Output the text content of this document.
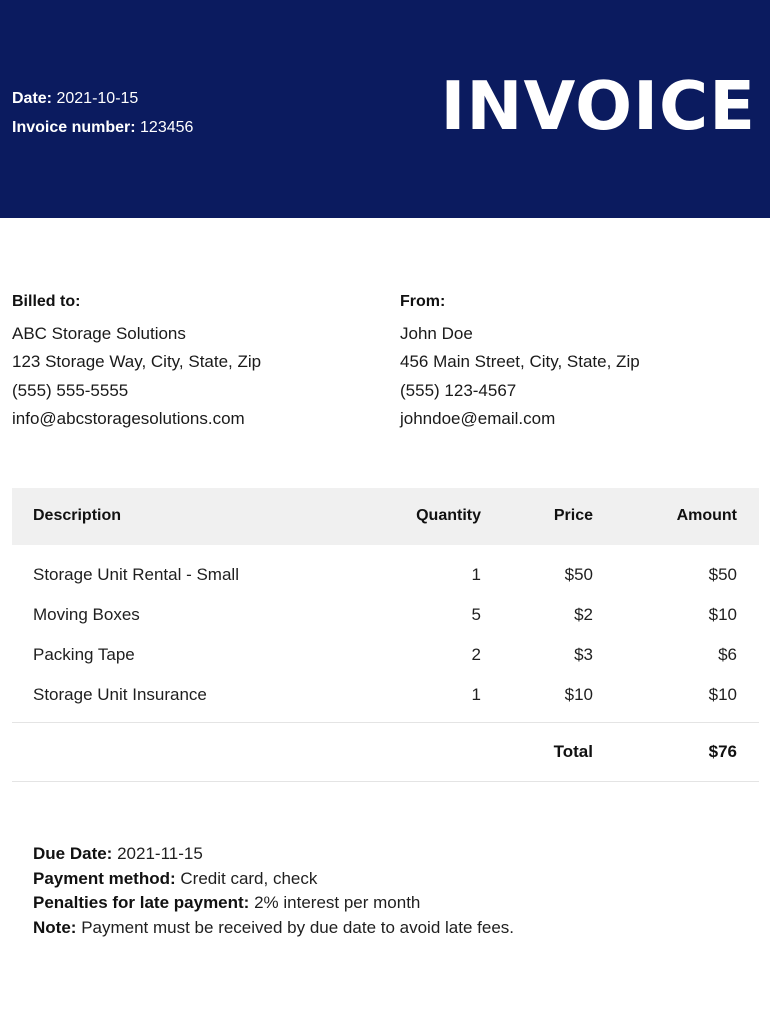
Date: 2021-10-15
Invoice number: 123456	INVOICE
Billed to:
ABC Storage Solutions
123 Storage Way, City, State, Zip
(555) 555-5555
info@abcstoragesolutions.com
From:
John Doe
456 Main Street, City, State, Zip
(555) 123-4567
johndoe@email.com
Description	Quantity	Price	Amount
Storage Unit Rental - Small	1	$50	$50
Moving Boxes	5	$2	$10
Packing Tape	2	$3	$6
Storage Unit Insurance	1	$10	$10
Total	$76
Due Date: 2021-11-15
Payment method: Credit card, check
Penalties for late payment: 2% interest per month
Note: Payment must be received by due date to avoid late fees.
